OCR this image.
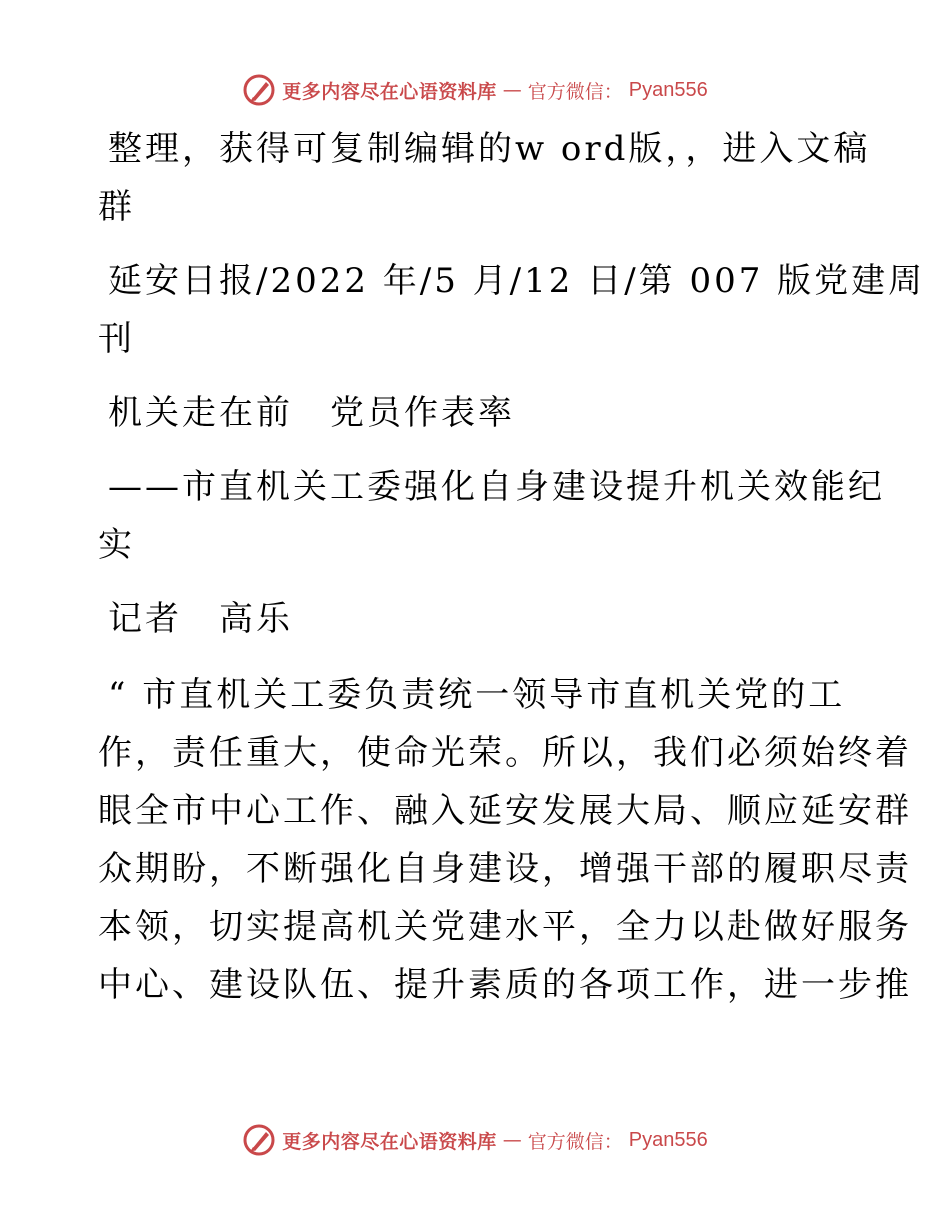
更多内容尽在心语资料库 — 官方微信： Pyan556
整理，获得可复制编辑的w ord版，，进入文稿
群
延安日报/2022 年/5 月/12 日/第 007 版党建周
刊
机关走在前　党员作表率
——市直机关工委强化自身建设提升机关效能纪
实
记者　高乐
“ 市直机关工委负责统一领导市直机关党的工
作，责任重大，使命光荣。所以，我们必须始终着
眼全市中心工作、融入延安发展大局、顺应延安群
众期盼，不断强化自身建设，增强干部的履职尽责
本领，切实提高机关党建水平，全力以赴做好服务
中心、建设队伍、提升素质的各项工作，进一步推
更多内容尽在心语资料库 — 官方微信： Pyan556
